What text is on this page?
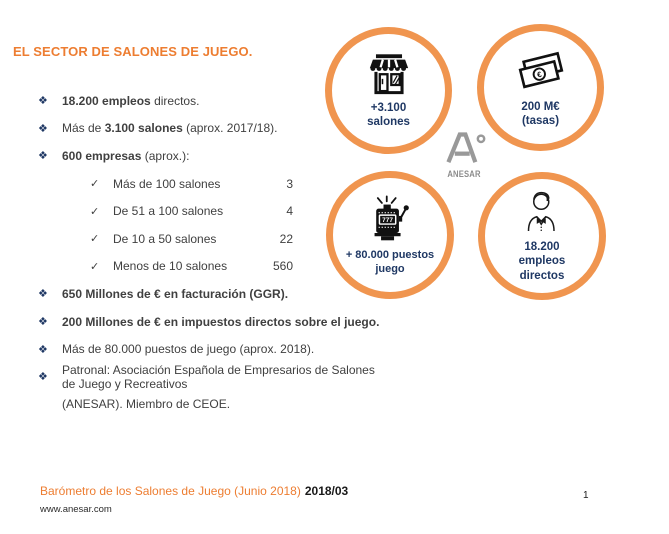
EL SECTOR DE SALONES DE JUEGO.
❖	18.200 empleos directos.
❖	Más de 3.100 salones (aprox. 2017/18).
❖	600 empresas (aprox.):
✓	Más de 100 salones	3
✓	De 51 a 100 salones	4
✓	De 10 a 50 salones	22
✓	Menos de 10 salones	560
❖	650 Millones de € en facturación (GGR).
❖	200 Millones de € en impuestos directos sobre el juego.
❖	Más de 80.000 puestos de juego (aprox. 2018).
❖
Patronal: Asociación Española de Empresarios de Salones de Juego y Recreativos
(ANESAR). Miembro de CEOE.
+3.100
salones
€
200 M€
(tasas)
777
+ 80.000 puestos
juego
18.200
empleos
directos
ANESAR
Barómetro de los Salones de Juego (Junio 2018) 2018/03
www.anesar.com
1
